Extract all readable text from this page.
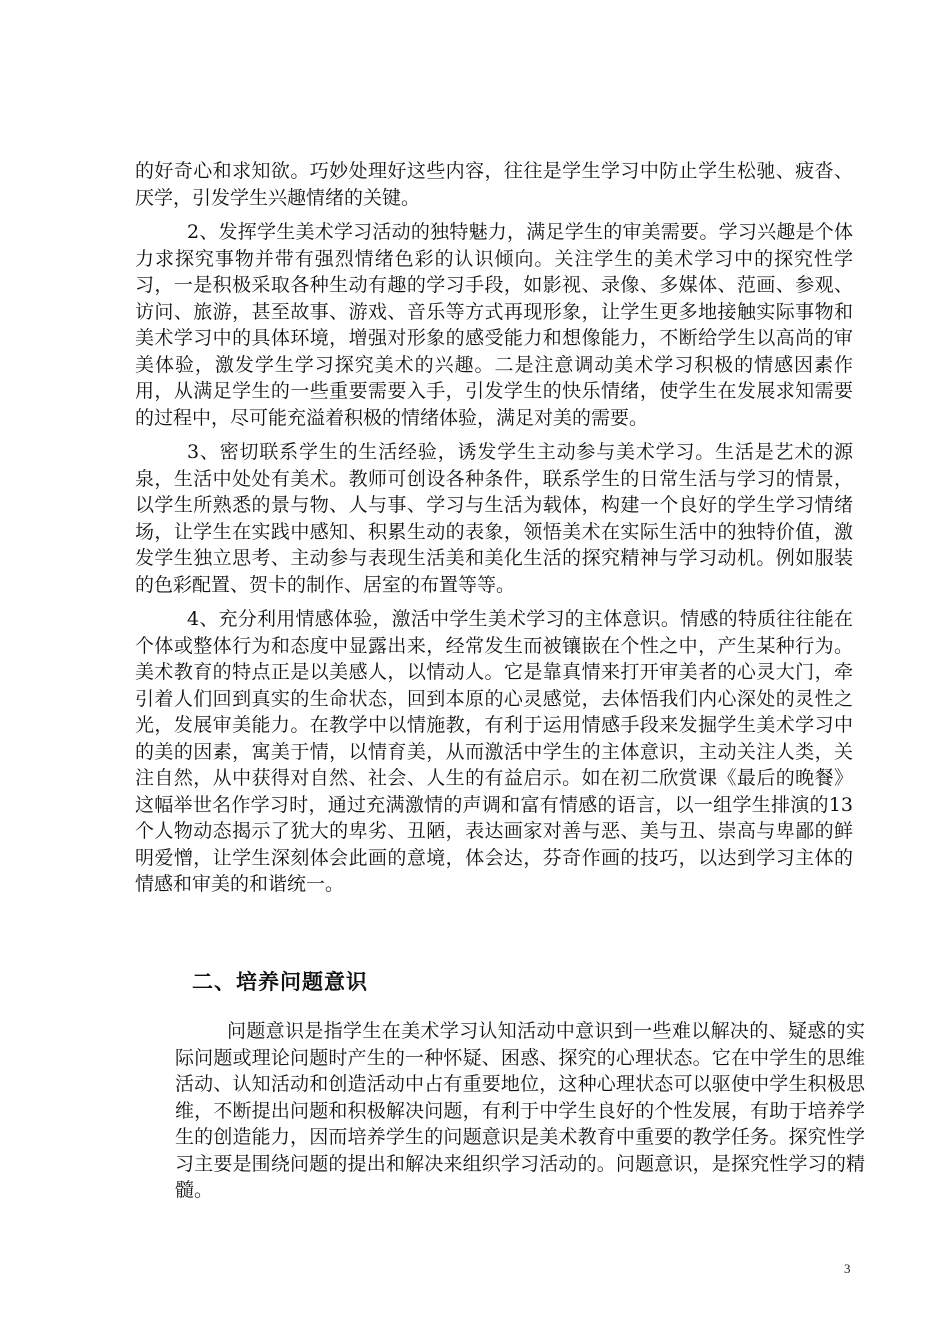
的好奇心和求知欲。巧妙处理好这些内容，往往是学生学习中防止学生松驰、疲沓、厌学，引发学生兴趣情绪的关键。

2、发挥学生美术学习活动的独特魅力，满足学生的审美需要。学习兴趣是个体力求探究事物并带有强烈情绪色彩的认识倾向。关注学生的美术学习中的探究性学习，一是积极采取各种生动有趣的学习手段，如影视、录像、多媒体、范画、参观、访问、旅游，甚至故事、游戏、音乐等方式再现形象，让学生更多地接触实际事物和美术学习中的具体环境，增强对形象的感受能力和想像能力，不断给学生以高尚的审美体验，激发学生学习探究美术的兴趣。二是注意调动美术学习积极的情感因素作用，从满足学生的一些重要需要入手，引发学生的快乐情绪，使学生在发展求知需要的过程中，尽可能充溢着积极的情绪体验，满足对美的需要。

3、密切联系学生的生活经验，诱发学生主动参与美术学习。生活是艺术的源泉，生活中处处有美术。教师可创设各种条件，联系学生的日常生活与学习的情景，以学生所熟悉的景与物、人与事、学习与生活为载体，构建一个良好的学生学习情绪场，让学生在实践中感知、积累生动的表象，领悟美术在实际生活中的独特价值，激发学生独立思考、主动参与表现生活美和美化生活的探究精神与学习动机。例如服装的色彩配置、贺卡的制作、居室的布置等等。

4、充分利用情感体验，激活中学生美术学习的主体意识。情感的特质往往能在个体或整体行为和态度中显露出来，经常发生而被镶嵌在个性之中，产生某种行为。美术教育的特点正是以美感人，以情动人。它是靠真情来打开审美者的心灵大门，牵引着人们回到真实的生命状态，回到本原的心灵感觉，去体悟我们内心深处的灵性之光，发展审美能力。在教学中以情施教，有利于运用情感手段来发掘学生美术学习中的美的因素，寓美于情，以情育美，从而激活中学生的主体意识，主动关注人类，关注自然，从中获得对自然、社会、人生的有益启示。如在初二欣赏课《最后的晚餐》这幅举世名作学习时，通过充满激情的声调和富有情感的语言，以一组学生排演的13个人物动态揭示了犹大的卑劣、丑陋，表达画家对善与恶、美与丑、崇高与卑鄙的鲜明爱憎，让学生深刻体会此画的意境，体会达，芬奇作画的技巧，以达到学习主体的情感和审美的和谐统一。

二、培养问题意识

问题意识是指学生在美术学习认知活动中意识到一些难以解决的、疑惑的实际问题或理论问题时产生的一种怀疑、困惑、探究的心理状态。它在中学生的思维活动、认知活动和创造活动中占有重要地位，这种心理状态可以驱使中学生积极思维，不断提出问题和积极解决问题，有利于中学生良好的个性发展，有助于培养学生的创造能力，因而培养学生的问题意识是美术教育中重要的教学任务。探究性学习主要是围绕问题的提出和解决来组织学习活动的。问题意识，是探究性学习的精髓。

3
